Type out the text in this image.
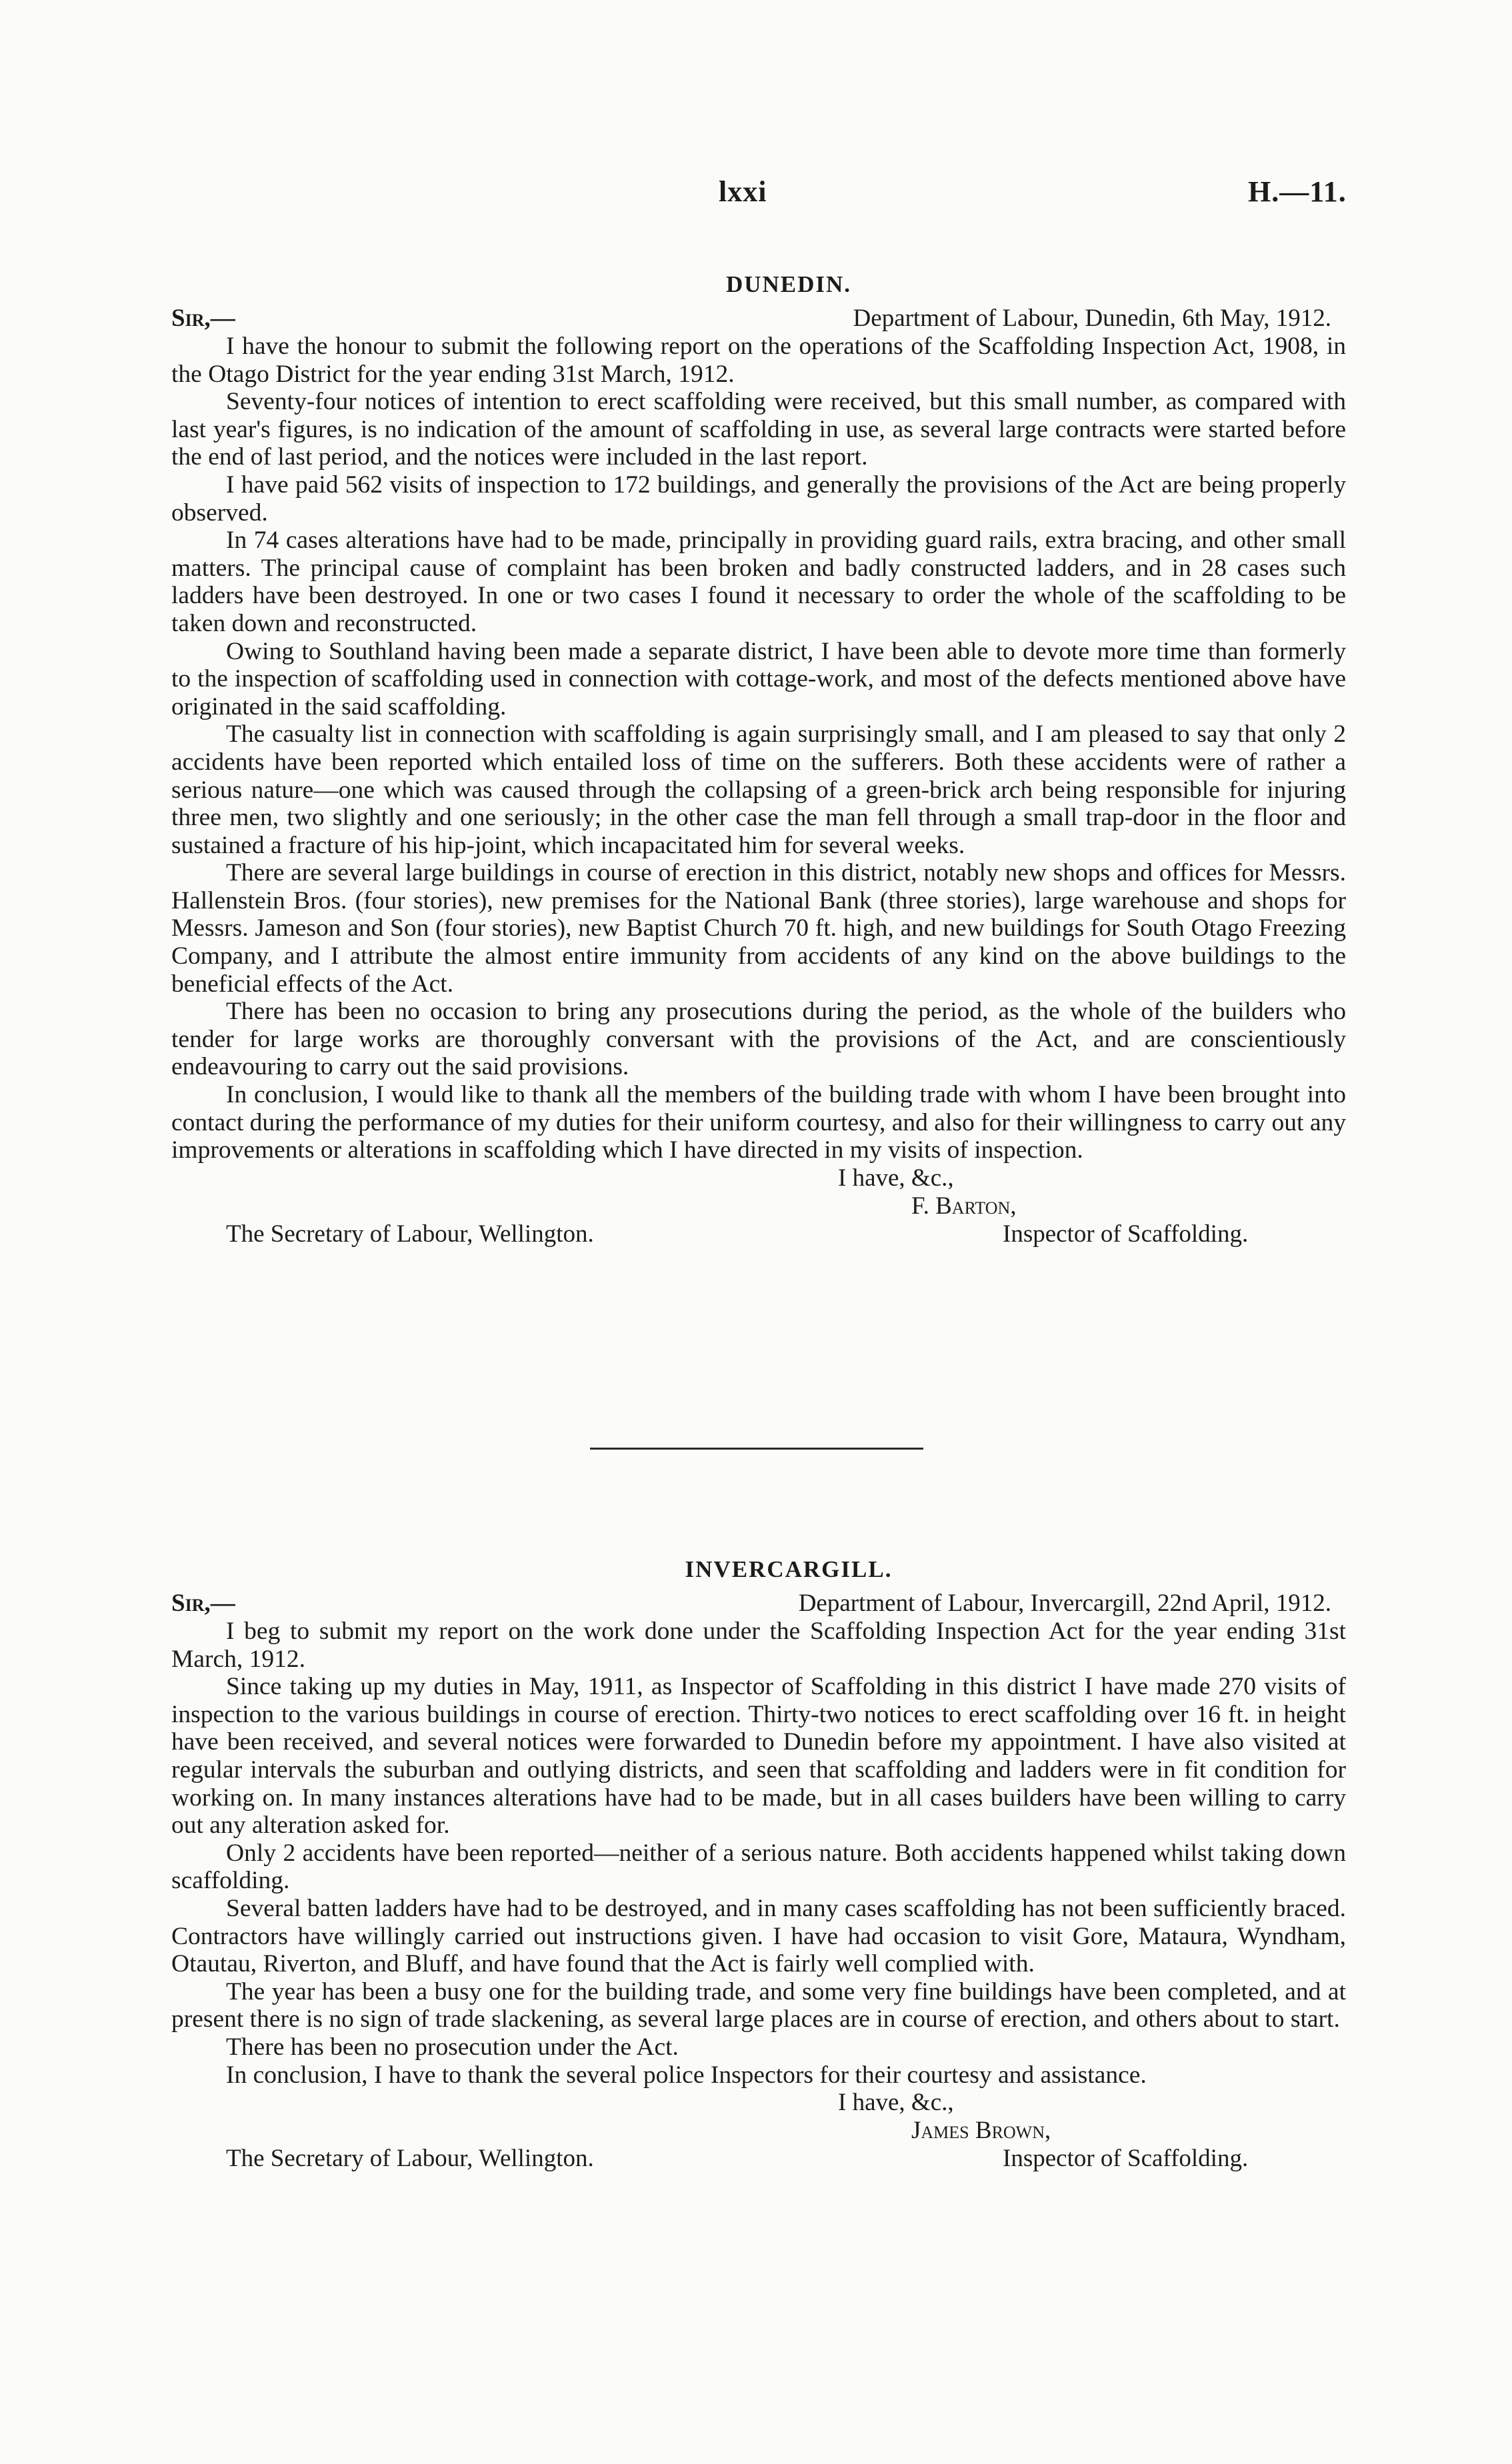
lxxi	H.—11.
DUNEDIN.
Sir,—	Department of Labour, Dunedin, 6th May, 1912.

I have the honour to submit the following report on the operations of the Scaffolding Inspection Act, 1908, in the Otago District for the year ending 31st March, 1912.

Seventy-four notices of intention to erect scaffolding were received, but this small number, as compared with last year's figures, is no indication of the amount of scaffolding in use, as several large contracts were started before the end of last period, and the notices were included in the last report.

I have paid 562 visits of inspection to 172 buildings, and generally the provisions of the Act are being properly observed.

In 74 cases alterations have had to be made, principally in providing guard rails, extra bracing, and other small matters. The principal cause of complaint has been broken and badly constructed ladders, and in 28 cases such ladders have been destroyed. In one or two cases I found it necessary to order the whole of the scaffolding to be taken down and reconstructed.

Owing to Southland having been made a separate district, I have been able to devote more time than formerly to the inspection of scaffolding used in connection with cottage-work, and most of the defects mentioned above have originated in the said scaffolding.

The casualty list in connection with scaffolding is again surprisingly small, and I am pleased to say that only 2 accidents have been reported which entailed loss of time on the sufferers. Both these accidents were of rather a serious nature—one which was caused through the collapsing of a green-brick arch being responsible for injuring three men, two slightly and one seriously; in the other case the man fell through a small trap-door in the floor and sustained a fracture of his hip-joint, which incapacitated him for several weeks.

There are several large buildings in course of erection in this district, notably new shops and offices for Messrs. Hallenstein Bros. (four stories), new premises for the National Bank (three stories), large warehouse and shops for Messrs. Jameson and Son (four stories), new Baptist Church 70 ft. high, and new buildings for South Otago Freezing Company, and I attribute the almost entire immunity from accidents of any kind on the above buildings to the beneficial effects of the Act.

There has been no occasion to bring any prosecutions during the period, as the whole of the builders who tender for large works are thoroughly conversant with the provisions of the Act, and are conscientiously endeavouring to carry out the said provisions.

In conclusion, I would like to thank all the members of the building trade with whom I have been brought into contact during the performance of my duties for their uniform courtesy, and also for their willingness to carry out any improvements or alterations in scaffolding which I have directed in my visits of inspection.

I have, &c.,
F. Barton,
The Secretary of Labour, Wellington.	Inspector of Scaffolding.
INVERCARGILL.
Sir,—	Department of Labour, Invercargill, 22nd April, 1912.

I beg to submit my report on the work done under the Scaffolding Inspection Act for the year ending 31st March, 1912.

Since taking up my duties in May, 1911, as Inspector of Scaffolding in this district I have made 270 visits of inspection to the various buildings in course of erection. Thirty-two notices to erect scaffolding over 16 ft. in height have been received, and several notices were forwarded to Dunedin before my appointment. I have also visited at regular intervals the suburban and outlying districts, and seen that scaffolding and ladders were in fit condition for working on. In many instances alterations have had to be made, but in all cases builders have been willing to carry out any alteration asked for.

Only 2 accidents have been reported—neither of a serious nature. Both accidents happened whilst taking down scaffolding.

Several batten ladders have had to be destroyed, and in many cases scaffolding has not been sufficiently braced. Contractors have willingly carried out instructions given. I have had occasion to visit Gore, Mataura, Wyndham, Otautau, Riverton, and Bluff, and have found that the Act is fairly well complied with.

The year has been a busy one for the building trade, and some very fine buildings have been completed, and at present there is no sign of trade slackening, as several large places are in course of erection, and others about to start.

There has been no prosecution under the Act.

In conclusion, I have to thank the several police Inspectors for their courtesy and assistance.

I have, &c.,
James Brown,
The Secretary of Labour, Wellington.	Inspector of Scaffolding.
